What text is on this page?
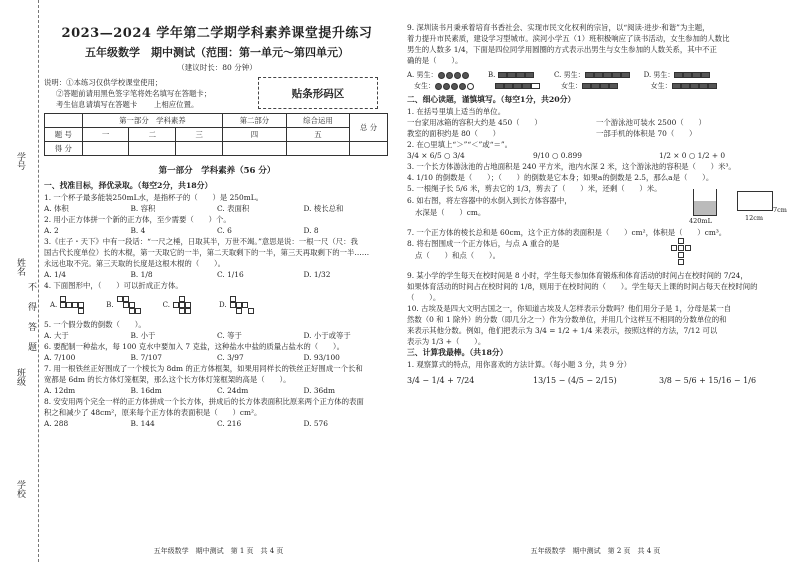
学号
姓名
不
得
答
题
班级
学校
2023—2024 学年第二学期学科素养课堂提升练习
五年级数学　期中测试（范围：第一单元～第四单元）
（建议时长：80 分钟）
说明：①本练习仅供学校课堂使用；
②答题前请用黑色签字笔将姓名填写在答题卡；
考生信息请填写在答题卡 上相应位置。
贴条形码区
	第一部分　学科素养			第二部分	综合运用	总 分
题 号	一	二	三	四	五	
得 分						
第一部分　学科素养（56 分）
一、找准目标，择优录取。（每空2分，共18分）
1. 一个杯子最多能装250mL水，是指杯子的（　　）是 250mL。
A. 体积	B. 容积	C. 表面积	D. 棱长总和
2. 用小正方体拼一个新的正方体，至少需要（　　）个。
A. 2	B. 4	C. 6	D. 8
3.《庄子・天下》中有一段话：“一尺之棰，日取其半，万世不竭。”意思是说：一根一尺（尺：我
国古代长度单位）长的木棍，第一天取它的一半，第二天取剩下的一半，第三天再取剩下的一半……
永远也取不完。第三天取的长度是这根木棍的（　　）。
A. 1/4	B. 1/8	C. 1/16	D. 1/32
4. 下面图形中，（　　）可以折成正方体。
A.	B.	C.	D.
5. 一个假分数的倒数（　　）。
A. 大于	B. 小于	C. 等于	D. 小于或等于
6. 要配制一种盐水，每 100 克水中要加入 7 克盐，这种盐水中盐的质量占盐水的（　　）。
A. 7/100	B. 7/107	C. 3/97	D. 93/100
7. 用一根铁丝正好围成了一个棱长为 8dm 的正方体框架，如果用同样长的铁丝正好围成一个长和
宽都是 6dm 的长方体灯笼框架，那么这个长方体灯笼框架的高是（　　）。
A. 12dm	B. 16dm	C. 24dm	D. 36dm
8. 安安用两个完全一样的正方体拼成一个长方体，拼成后的长方体表面积比原来两个正方体的表面
积之和减少了 48cm²，原来每个正方体的表面积是（　　）cm²。
A. 288	B. 144	C. 216	D. 576
五年级数学　期中测试　第 1 页　共 4 页
9. 深圳读书月秉承着培育书香社会、实现市民文化权利的宗旨，以“阅读·进步·和谐”为主题，
着力提升市民素质，建设学习型城市。滨河小学五（1）班积极响应了读书活动，女生参加的人数比
男生的人数多 1/4，下面是四位同学用圆圈的方式表示出男生与女生参加的人数关系，其中不正
确的是（　　）。
A. 男生：
　女生：
B.
　	C. 男生：
　女生：
D. 男生：
　女生：
二、细心读题，谨慎填写。（每空1分，共20分）
1. 在括号里填上适当的单位。
一台家用冰箱的容积大约是 450（　　）	一个游泳池可装水 2500（　　）
教室的面积约是 80（　　）	一部手机的体积是 70（　　）
2. 在○里填上“＞”“＜”或“＝”。
3/4 × 6/5 ○ 3/4	9/10 ○ 0.899	1/2 × 0 ○ 1/2 + 0
3. 一个长方体游泳池的占地面积是 240 平方米，池内水深 2 米，这个游泳池的容积是（　　）米³。
4. 1/10 的倒数是（　　）；（　　）的倒数是它本身；如果a的倒数是 2.5，那么a是（　　）。
5. 一根绳子长 5/6 米，剪去它的 1/3，剪去了（　　）米，还剩（　　）米。
6. 如右图，将左容器中的水倒入到长方体容器中，
水深是（　　）cm。
420mL	12cm
7cm
7. 一个正方体的棱长总和是 60cm，这个正方体的表面积是（　　）cm²，体积是（　　）cm³。
8. 将右图围成一个正方体后，与点 A 重合的是
点（　　）和点（　　）。
9. 某小学的学生每天在校时间是 8 小时，学生每天参加体育锻炼和体育活动的时间占在校时间的 7/24，
如果体育活动的时间占在校时间的 1/8，则用于在校时间的（　　）。学生每天上课的时间占每天在校时间的
（　　）。
10. 古埃及是四大文明古国之一，你知道古埃及人怎样表示分数吗？他们用分子是 1，分母是某一自
然数（0 和 1 除外）的分数（即几分之一）作为分数单位，并用几个这样互不相同的分数单位的和
来表示其他分数。例如，他们把表示为 3/4 = 1/2 + 1/4 来表示，按照这样的方法，7/12 可以
表示为 1/3 +（　　）。
三、计算我最棒。（共18分）
1. 观察算式的特点，用你喜欢的方法计算。（每小题 3 分，共 9 分）
3/4 − 1/4 + 7/24	13/15 − (4/5 − 2/15)	3/8 − 5/6 + 15/16 − 1/6
五年级数学　期中测试　第 2 页　共 4 页
